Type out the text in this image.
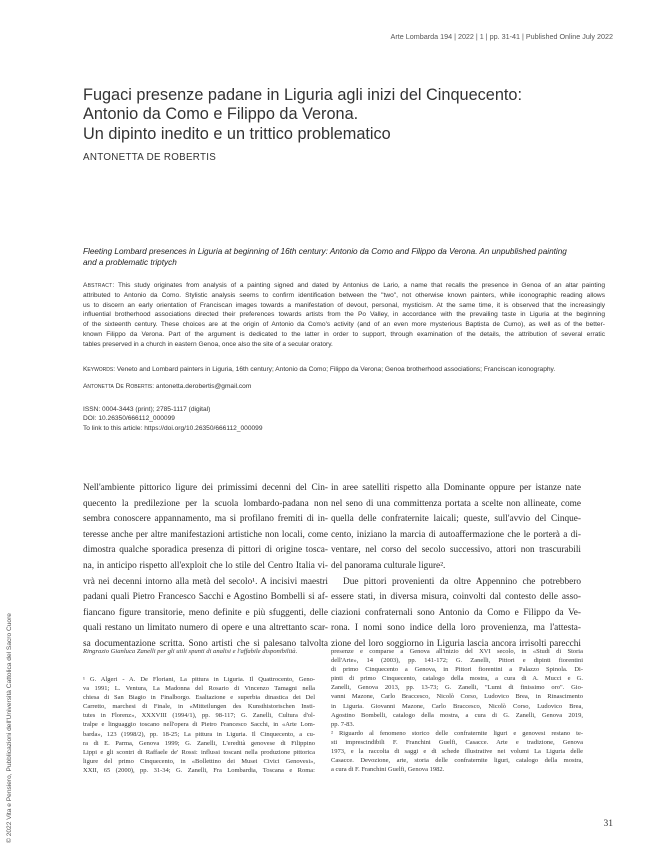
Arte Lombarda 194 | 2022 | 1 | pp. 31-41 | Published Online July 2022
Fugaci presenze padane in Liguria agli inizi del Cinquecento:
Antonio da Como e Filippo da Verona.
Un dipinto inedito e un trittico problematico
ANTONETTA DE ROBERTIS
Fleeting Lombard presences in Liguria at beginning of 16th century: Antonio da Como and Filippo da Verona. An unpublished painting
and a problematic triptych
Abstract: This study originates from analysis of a painting signed and dated by Antonius de Lario, a name that recalls the presence in Genoa of an altar painting
attributed to Antonio da Como. Stylistic analysis seems to confirm identification between the "two", not otherwise known painters, while iconographic reading allows
us to discern an early orientation of Franciscan images towards a manifestation of devout, personal, mysticism. At the same time, it is observed that the increasingly
influential brotherhood associations directed their preferences towards artists from the Po Valley, in accordance with the prevailing taste in Liguria at the beginning
of the sixteenth century. These choices are at the origin of Antonio da Como's activity (and of an even more mysterious Baptista de Cumo), as well as of the better-
known Filippo da Verona. Part of the argument is dedicated to the latter in order to support, through examination of the details, the attribution of several erratic
tables preserved in a church in eastern Genoa, once also the site of a secular oratory.
Keywords: Veneto and Lombard painters in Liguria, 16th century; Antonio da Como; Filippo da Verona; Genoa brotherhood associations; Franciscan iconography.
Antonetta De Robertis: antonetta.derobertis@gmail.com
ISSN: 0004-3443 (print); 2785-1117 (digital)
DOI: 10.26350/666112_000099
To link to this article: https://doi.org/10.26350/666112_000099
Nell'ambiente pittorico ligure dei primissimi decenni del Cin-
quecento la predilezione per la scuola lombardo-padana non
sembra conoscere appannamento, ma si profilano fremiti di in-
teresse anche per altre manifestazioni artistiche non locali, come
dimostra qualche sporadica presenza di pittori di origine tosca-
na, in anticipo rispetto all'exploit che lo stile del Centro Italia vi-
vrà nei decenni intorno alla metà del secolo¹. A incisivi maestri
padani quali Pietro Francesco Sacchi e Agostino Bombelli si af-
fiancano figure transitorie, meno definite e più sfuggenti, delle
quali restano un limitato numero di opere e una altrettanto scar-
sa documentazione scritta. Sono artisti che si palesano talvolta
in aree satelliti rispetto alla Dominante oppure per istanze nate
nel seno di una committenza portata a scelte non allineate, come
quella delle confraternite laicali; queste, sull'avvio del Cinque-
cento, iniziano la marcia di autoaffermazione che le porterà a di-
ventare, nel corso del secolo successivo, attori non trascurabili
del panorama culturale ligure².
Due pittori provenienti da oltre Appennino che potrebbero
essere stati, in diversa misura, coinvolti dal contesto delle asso-
ciazioni confraternali sono Antonio da Como e Filippo da Ve-
rona. I nomi sono indice della loro provenienza, ma l'attesta-
zione del loro soggiorno in Liguria lascia ancora irrisolti parecchi
Ringrazio Gianluca Zanelli per gli utili spunti di analisi e l'affabile disponibilità.
¹ G. Algeri - A. De Floriani, La pittura in Liguria. Il Quattrocento, Geno-
va 1991; L. Ventura, La Madonna del Rosario di Vincenzo Tamagni nella
chiesa di San Biagio in Finalborgo. Esaltazione e superbia dinastica dei Del
Carretto, marchesi di Finale, in «Mitteilungen des Kunsthistorischen Insti-
tutes in Florenz», XXXVIII (1994/1), pp. 98-117; G. Zanelli, Cultura d'ol-
tralpe e linguaggio toscano nell'opera di Pietro Francesco Sacchi, in «Arte Lom-
barda», 123 (1998/2), pp. 18-25; La pittura in Liguria. Il Cinquecento, a cu-
ra di E. Parma, Genova 1999; G. Zanelli, L'eredità genovese di Filippino
Lippi e gli scontri di Raffaele de' Rossi: influssi toscani nella produzione pittorica
ligure del primo Cinquecento, in «Bollettino dei Musei Civici Genovesi»,
XXII, 65 (2000), pp. 31-34; G. Zanelli, Fra Lombardia, Toscana e Roma:
presenze e comparse a Genova all'inizio del XVI secolo, in «Studi di Storia
dell'Arte», 14 (2003), pp. 141-172; G. Zanelli, Pittori e dipinti fiorentini
di primo Cinquecento a Genova, in Pittori fiorentini a Palazzo Spinola. Di-
pinti di primo Cinquecento, catalogo della mostra, a cura di A. Mucci e G.
Zanelli, Genova 2013, pp. 13-73; G. Zanelli, "Lumi di finissimo oro". Gio-
vanni Mazone, Carlo Braccesco, Nicolò Corso, Ludovico Brea, in Rinascimento
in Liguria. Giovanni Mazone, Carlo Braccesco, Nicolò Corso, Ludovico Brea,
Agostino Bombelli, catalogo della mostra, a cura di G. Zanelli, Genova 2019,
pp. 7-83.
² Riguardo al fenomeno storico delle confraternite liguri e genovesi restano te-
sti imprescindibili F. Franchini Guelfi, Casacce. Arte e tradizione, Genova
1973, e la raccolta di saggi e di schede illustrative nei volumi La Liguria delle
Casacce. Devozione, arte, storia delle confraternite liguri, catalogo della mostra,
a cura di F. Franchini Guelfi, Genova 1982.
31
© 2022 Vita e Pensiero, Pubblicazioni dell'Università Cattolica del Sacro Cuore
